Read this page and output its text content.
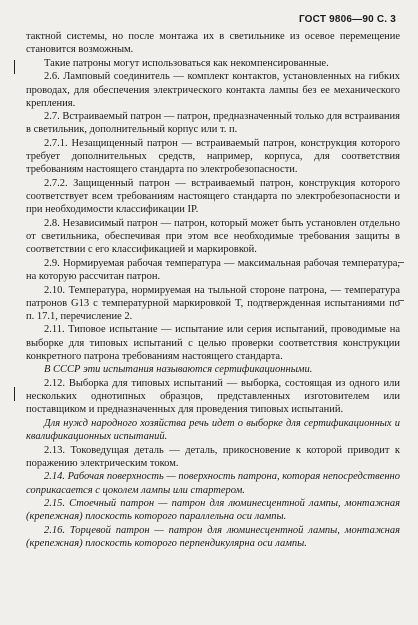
ГОСТ 9806—90 С. 3

тактной системы, но после монтажа их в светильнике из осевое перемещение становится возможным.

Такие патроны могут использоваться как некомпенсированные.

2.6. Ламповый соединитель — комплект контактов, установленных на гибких проводах, для обеспечения электрического контакта лампы без ее механического крепления.

2.7. Встраиваемый патрон — патрон, предназначенный только для встраивания в светильник, дополнительный корпус или т. п.

2.7.1. Незащищенный патрон — встраиваемый патрон, конструкция которого требует дополнительных средств, например, корпуса, для соответствия требованиям настоящего стандарта по электробезопасности.

2.7.2. Защищенный патрон — встраиваемый патрон, конструкция которого соответствует всем требованиям настоящего стандарта по электробезопасности и при необходимости классификации IP.

2.8. Независимый патрон — патрон, который может быть установлен отдельно от светильника, обеспечивая при этом все необходимые требования защиты в соответствии с его классификацией и маркировкой.

2.9. Нормируемая рабочая температура — максимальная рабочая температура, на которую рассчитан патрон.

2.10. Температура, нормируемая на тыльной стороне патрона, — температура патронов G13 с температурной маркировкой T, подтвержденная испытаниями по п. 17.1, перечисление 2.

2.11. Типовое испытание — испытание или серия испытаний, проводимые на выборке для типовых испытаний с целью проверки соответствия конструкции конкретного патрона требованиям настоящего стандарта.

В СССР эти испытания называются сертификационными.

2.12. Выборка для типовых испытаний — выборка, состоящая из одного или нескольких однотипных образцов, представленных изготовителем или поставщиком и предназначенных для проведения типовых испытаний.

Для нужд народного хозяйства речь идет о выборке для сертификационных и квалификационных испытаний.

2.13. Токоведущая деталь — деталь, прикосновение к которой приводит к поражению электрическим током.

2.14. Рабочая поверхность — поверхность патрона, которая непосредственно соприкасается с цоколем лампы или стартером.

2.15. Стоечный патрон — патрон для люминесцентной лампы, монтажная (крепежная) плоскость которого параллельна оси лампы.

2.16. Торцевой патрон — патрон для люминесцентной лампы, монтажная (крепежная) плоскость которого перпендикулярна оси лампы.
